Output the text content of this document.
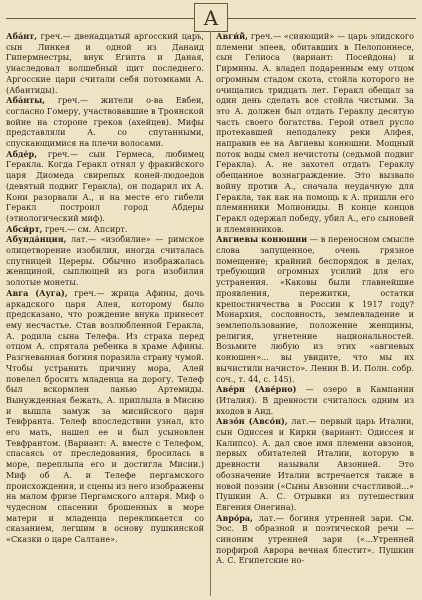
А

Аба́нт, греч.— двенадцатый аргосский царь, сын Линкея и одной из Данаид Гипермнестры, внук Египта и Даная, унаследовал волшебный щит последнего. Аргосские цари считали себя потомками А. (Абантиды).

Аба́нты, греч.— жители о-ва Евбеи, согласно Гомеру, участвовавшие в Троянской войне на стороне греков (ахейцев). Мифы представляли А. со спутанными, спускающимися на плечи волосами.

Абде́р, греч.— сын Гермеса, любимец Геракла. Когда Геракл отнял у фракийского царя Диомеда свирепых коней-людоедов (девятый подвиг Геракла), он подарил их А. Кони разорвали А., и на месте его гибели Геракл построил город Абдеры (этиологический миф).

Абси́рт, греч.— см. Апсирт.

Абунда́нция, лат.— «изобилие» — римское олицетворение изобилия, иногда считалась спутницей Цереры. Обычно изображалась женщиной, сыплющей из рога изобилия золотые монеты.

Авга (Ауга), греч.— жрица Афины, дочь аркадского царя Алея, которому было предсказано, что рождение внука принесет ему несчастье. Став возлюбленной Геракла, А. родила сына Телефа. Из страха перед отцом А. спрятала ребенка в храме Афины. Разгневанная богиня поразила страну чумой. Чтобы устранить причину мора, Алей повелел бросить младенца на дорогу. Телеф был вскормлен ланью Артемиды. Вынужденная бежать, А. приплыла в Мисию и вышла замуж за мисийского царя Тевфранта. Телеф впоследствии узнал, кто его мать, нашел ее и был усыновлен Тевфрантом. (Вариант: А. вместе с Телефом, спасаясь от преследования, бросилась в море, переплыла его и достигла Мисии.) Миф об А. и Телефе пергамского происхождения, и сцены из него изображены на малом фризе Пергамского алтаря. Миф о чудесном спасении брошенных в море матери и младенца перекликается со сказанием, легшим в основу пушкинской «Сказки о царе Салтане».

Авги́й, греч.— «сияющий» — царь элидского племени эпеев, обитавших в Пелопоннесе, сын Гелиоса (вариант: Посейдона) и Гирмины. А. владел подаренным ему отцом огромным стадом скота, стойла которого не очищались тридцать лет. Геракл обещал за один день сделать все стойла чистыми. За это А. должен был отдать Гераклу десятую часть своего богатства. Герой отвел русло протекавшей неподалеку реки Алфея, направив ее на Авгиевы конюшни. Мощный поток воды смел нечистоты (седьмой подвиг Геракла). А. не захотел отдать Гераклу обещанное вознаграждение. Это вызвало войну против А., сначала неудачную для Геракла, так как на помощь к А. пришли его племянники Молиониды. В конце концов Геракл одержал победу, убил А., его сыновей и племянников.

Авгиевы конюшни — в переносном смысле слова запущенное, очень грязное помещение; крайний беспорядок в делах, требующий огромных усилий для его устранения. «Каковы были главнейшие проявления, пережитки, остатки крепостничества в России к 1917 году? Монархия, сословность, землевладение и землепользование, положение женщины, религия, угнетение национальностей. Возьмите любую из этих «авгиевых конюшен»... вы увидите, что мы их вычистили начисто». Ленин В. И. Полн. собр. соч., т. 44, с. 145).

Аве́рн (Аве́рно) — озеро в Кампании (Италия). В древности считалось одним из входов в Аид.

Авзо́н (Авсо́н), лат.— первый царь Италии, сын Одиссея и Кирки (вариант: Одиссея и Калипсо). А. дал свое имя племени авзонов, первых обитателей Италии, которую в древности называли Авзонией. Это обозначение Италии встречается также в новой поэзии («Сыны Авзонии счастливой...» Пушкин А. С. Отрывки из путешествия Евгения Онегина).

Авро́ра, лат.— богиня утренней зари. См. Эос. В образной и поэтической речи — синоним утренней зари («...Утренней порфирой Аврора вечная блестит». Пушкин А. С. Египетские но-
